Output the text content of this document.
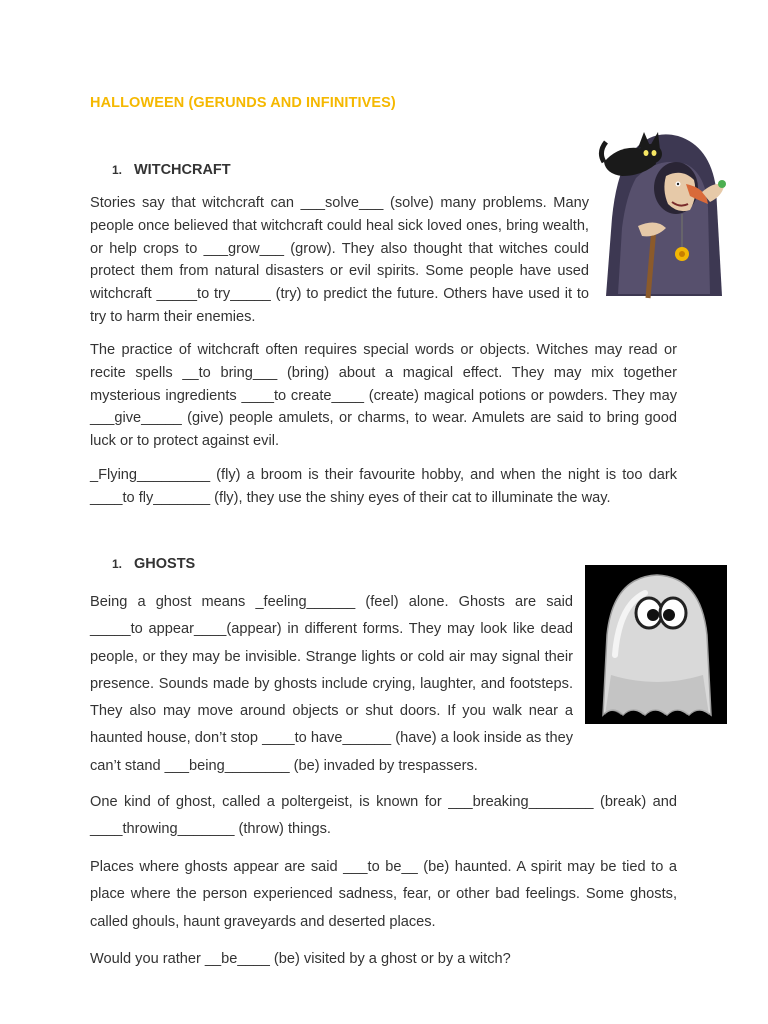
HALLOWEEN (GERUNDS AND INFINITIVES)
1. WITCHCRAFT

Stories say that witchcraft can ___solve___ (solve) many problems. Many people once believed that witchcraft could heal sick loved ones, bring wealth, or help crops to ___grow___ (grow). They also thought that witches could protect them from natural disasters or evil spirits. Some people have used witchcraft _____to try_____ (try) to predict the future. Others have used it to try to harm their enemies.

The practice of witchcraft often requires special words or objects. Witches may read or recite spells __to bring___ (bring) about a magical effect. They may mix together mysterious ingredients ____to create____ (create) magical potions or powders. They may ___give_____ (give) people amulets, or charms, to wear. Amulets are said to bring good luck or to protect against evil.

_Flying_________ (fly) a broom is their favourite hobby, and when the night is too dark ____to fly_______ (fly), they use the shiny eyes of their cat to illuminate the way.

1. GHOSTS

Being a ghost means _feeling______ (feel) alone. Ghosts are said _____to appear____(appear) in different forms. They may look like dead people, or they may be invisible. Strange lights or cold air may signal their presence. Sounds made by ghosts include crying, laughter, and footsteps. They also may move around objects or shut doors. If you walk near a haunted house, don’t stop ____to have______ (have) a look inside as they can’t stand ___being________ (be) invaded by trespassers.

One kind of ghost, called a poltergeist, is known for ___breaking________ (break) and ____throwing_______ (throw) things.

Places where ghosts appear are said ___to be__ (be) haunted. A spirit may be tied to a place where the person experienced sadness, fear, or other bad feelings. Some ghosts, called ghouls, haunt graveyards and deserted places.

Would you rather __be____ (be) visited by a ghost or by a witch?
